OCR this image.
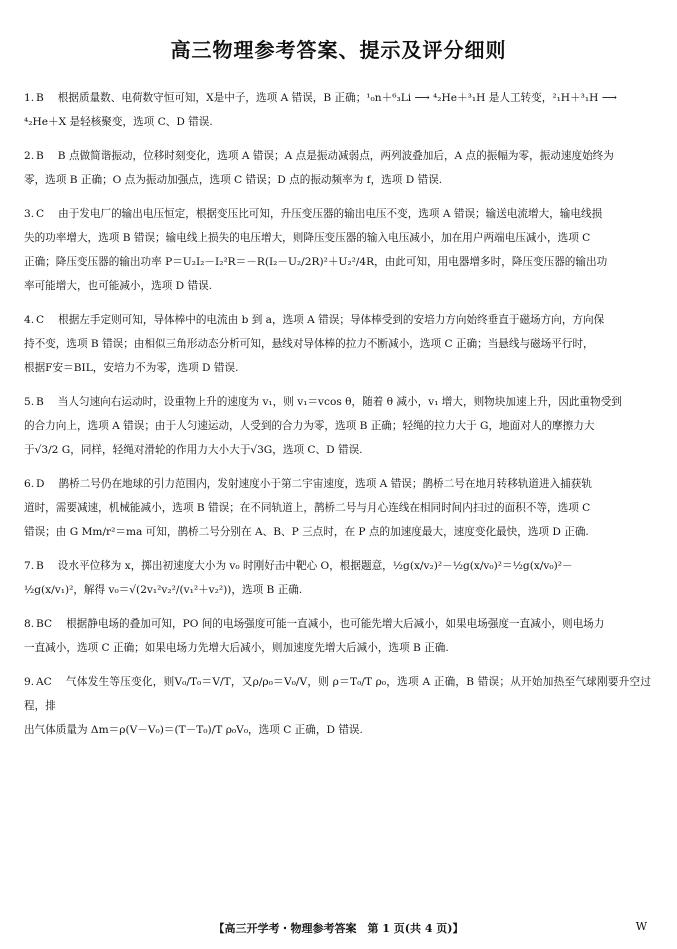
高三物理参考答案、提示及评分细则
1. B 根据质量数、电荷数守恒可知，X是中子，选项 A 错误，B 正确；¹₀n＋⁶₃Li ⟶ ⁴₂He＋³₁H 是人工转变，²₁H＋³₁H ⟶
⁴₂He＋X 是轻核聚变，选项 C、D 错误.
2. B B 点做简谐振动，位移时刻变化，选项 A 错误；A 点是振动减弱点，两列波叠加后，A 点的振幅为零，振动速度始终为
零，选项 B 正确；O 点为振动加强点，选项 C 错误；D 点的振动频率为 f，选项 D 错误.
3. C 由于发电厂的输出电压恒定，根据变压比可知，升压变压器的输出电压不变，选项 A 错误；输送电流增大，输电线损
失的功率增大，选项 B 错误；输电线上损失的电压增大，则降压变压器的输入电压减小，加在用户两端电压减小，选项 C
正确；降压变压器的输出功率 P＝U₂I₂－I₂²R＝－R(I₂－U₂/2R)²＋U₂²/4R，由此可知，用电器增多时，降压变压器的输出功
率可能增大，也可能减小，选项 D 错误.
4. C 根据左手定则可知，导体棒中的电流由 b 到 a，选项 A 错误；导体棒受到的安培力方向始终垂直于磁场方向，方向保
持不变，选项 B 错误；由相似三角形动态分析可知，悬线对导体棒的拉力不断减小，选项 C 正确；当悬线与磁场平行时，
根据F安＝BIL，安培力不为零，选项 D 错误.
5. B 当人匀速向右运动时，设重物上升的速度为 v₁，则 v₁＝vcos θ，随着 θ 减小，v₁ 增大，则物块加速上升，因此重物受到
的合力向上，选项 A 错误；由于人匀速运动，人受到的合力为零，选项 B 正确；轻绳的拉力大于 G，地面对人的摩擦力大
于√3/2 G，同样，轻绳对滑轮的作用力大小大于√3G，选项 C、D 错误.
6. D 鹊桥二号仍在地球的引力范围内，发射速度小于第二宇宙速度，选项 A 错误；鹊桥二号在地月转移轨道进入捕获轨
道时，需要减速，机械能减小，选项 B 错误；在不同轨道上，鹊桥二号与月心连线在相同时间内扫过的面积不等，选项 C
错误；由 G Mm/r²＝ma 可知，鹊桥二号分别在 A、B、P 三点时，在 P 点的加速度最大，速度变化最快，选项 D 正确.
7. B 设水平位移为 x，掷出初速度大小为 v₀ 时刚好击中靶心 O，根据题意，½g(x/v₂)²－½g(x/v₀)²＝½g(x/v₀)²－
½g(x/v₁)²，解得 v₀＝√(2v₁²v₂²/(v₁²＋v₂²))，选项 B 正确.
8. BC 根据静电场的叠加可知，PO 间的电场强度可能一直减小，也可能先增大后减小，如果电场强度一直减小，则电场力
一直减小，选项 C 正确；如果电场力先增大后减小，则加速度先增大后减小，选项 B 正确.
9. AC 气体发生等压变化，则V₀/T₀＝V/T，又ρ/ρ₀＝V₀/V，则 ρ＝T₀/T ρ₀，选项 A 正确，B 错误；从开始加热至气球刚要升空过程，排
出气体质量为 Δm＝ρ(V－V₀)＝(T－T₀)/T ρ₀V₀，选项 C 正确，D 错误.
【高三开学考・物理参考答案　第 1 页(共 4 页)】	W
